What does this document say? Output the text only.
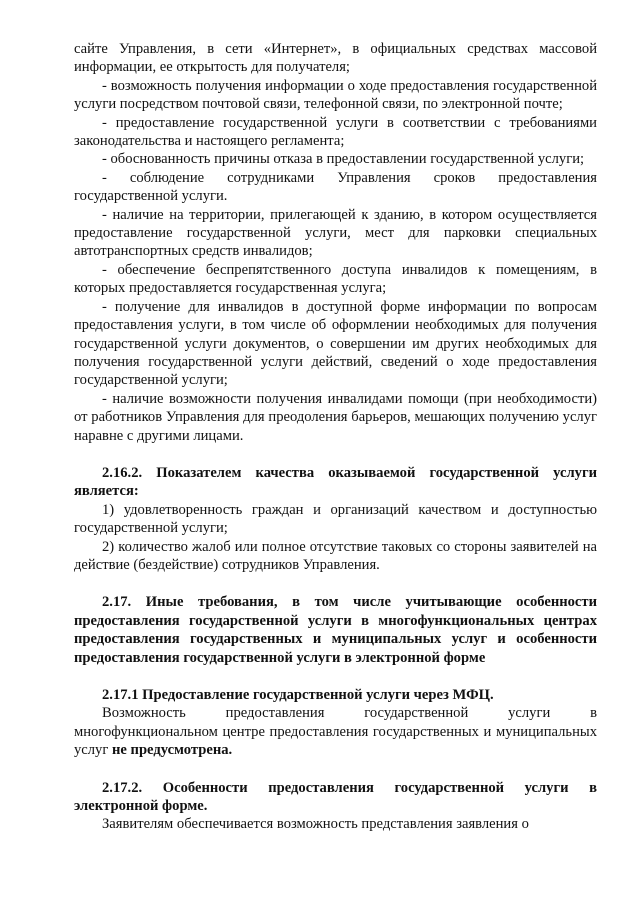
сайте Управления, в сети «Интернет», в официальных средствах массовой информации, ее открытость для получателя;

- возможность получения информации о ходе предоставления государственной услуги посредством почтовой связи, телефонной связи, по электронной почте;

- предоставление государственной услуги в соответствии с требованиями законодательства и настоящего регламента;

- обоснованность причины отказа в предоставлении государственной услуги;

- соблюдение сотрудниками Управления сроков предоставления государственной услуги.

- наличие на территории, прилегающей к зданию, в котором осуществляется предоставление государственной услуги, мест для парковки специальных автотранспортных средств инвалидов;

- обеспечение беспрепятственного доступа инвалидов к помещениям, в которых предоставляется государственная услуга;

- получение для инвалидов в доступной форме информации по вопросам предоставления услуги, в том числе об оформлении необходимых для получения государственной услуги документов, о совершении им других необходимых для получения государственной услуги действий, сведений о ходе предоставления государственной услуги;

- наличие возможности получения инвалидами помощи (при необходимости) от работников Управления для преодоления барьеров, мешающих получению услуг наравне с другими лицами.

2.16.2. Показателем качества оказываемой государственной услуги является:

1) удовлетворенность граждан и организаций качеством и доступностью государственной услуги;

2) количество жалоб или полное отсутствие таковых со стороны заявителей на действие (бездействие) сотрудников Управления.

2.17. Иные требования, в том числе учитывающие особенности предоставления государственной услуги в многофункциональных центрах предоставления государственных и муниципальных услуг и особенности предоставления государственной услуги в электронной форме

2.17.1 Предоставление государственной услуги через МФЦ.

Возможность предоставления государственной услуги в многофункциональном центре предоставления государственных и муниципальных услуг не предусмотрена.

2.17.2. Особенности предоставления государственной услуги в электронной форме.

Заявителям обеспечивается возможность представления заявления о
